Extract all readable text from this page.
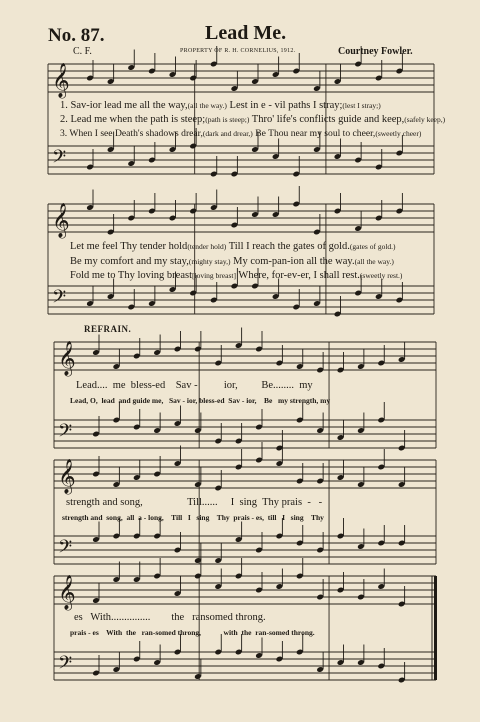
No. 87.	Lead Me.
C. F.	PROPERTY OF R. H. CORNELIUS, 1912.	Courtney Fowler.
𝄞
𝄢
𝄞
𝄢
𝄞
𝄢
𝄞
𝄢
𝄞
𝄢
1. Sav-ior lead me all the way,(all the way.) Lest in e - vil paths I stray;(lest I stray;)
2. Lead me when the path is steep;(path is steep;) Thro' life's conflicts guide and keep,(safely keep,)
3. When I see Death's shadows drear,(dark and drear,) Be Thou near my soul to cheer,(sweetly cheer)
Let me feel Thy tender hold(tender hold) Till I reach the gates of gold.(gates of gold.)
Be my comfort and my stay,(mighty stay,) My com-pan-ion all the way.(all the way.)
Fold me to Thy loving breast[loving breast] Where, for-ev-er, I shall rest.(sweetly rest.)
REFRAIN.
Lead....  me  bless-ed    Sav -          ior,         Be........  my
Lead, O,  lead  and guide me,   Sav - ior, bless-ed  Sav - ior,    Be   my strength, my
strength and song,                 Till......     I  sing  Thy prais  -   -
strength and  song,  all  a - long,    Till   I   sing    Thy  prais - es,  till   I   sing    Thy
es   With...............        the   ransomed throng.
prais - es    With  the   ran-somed throng,            with  the  ran-somed throng.
